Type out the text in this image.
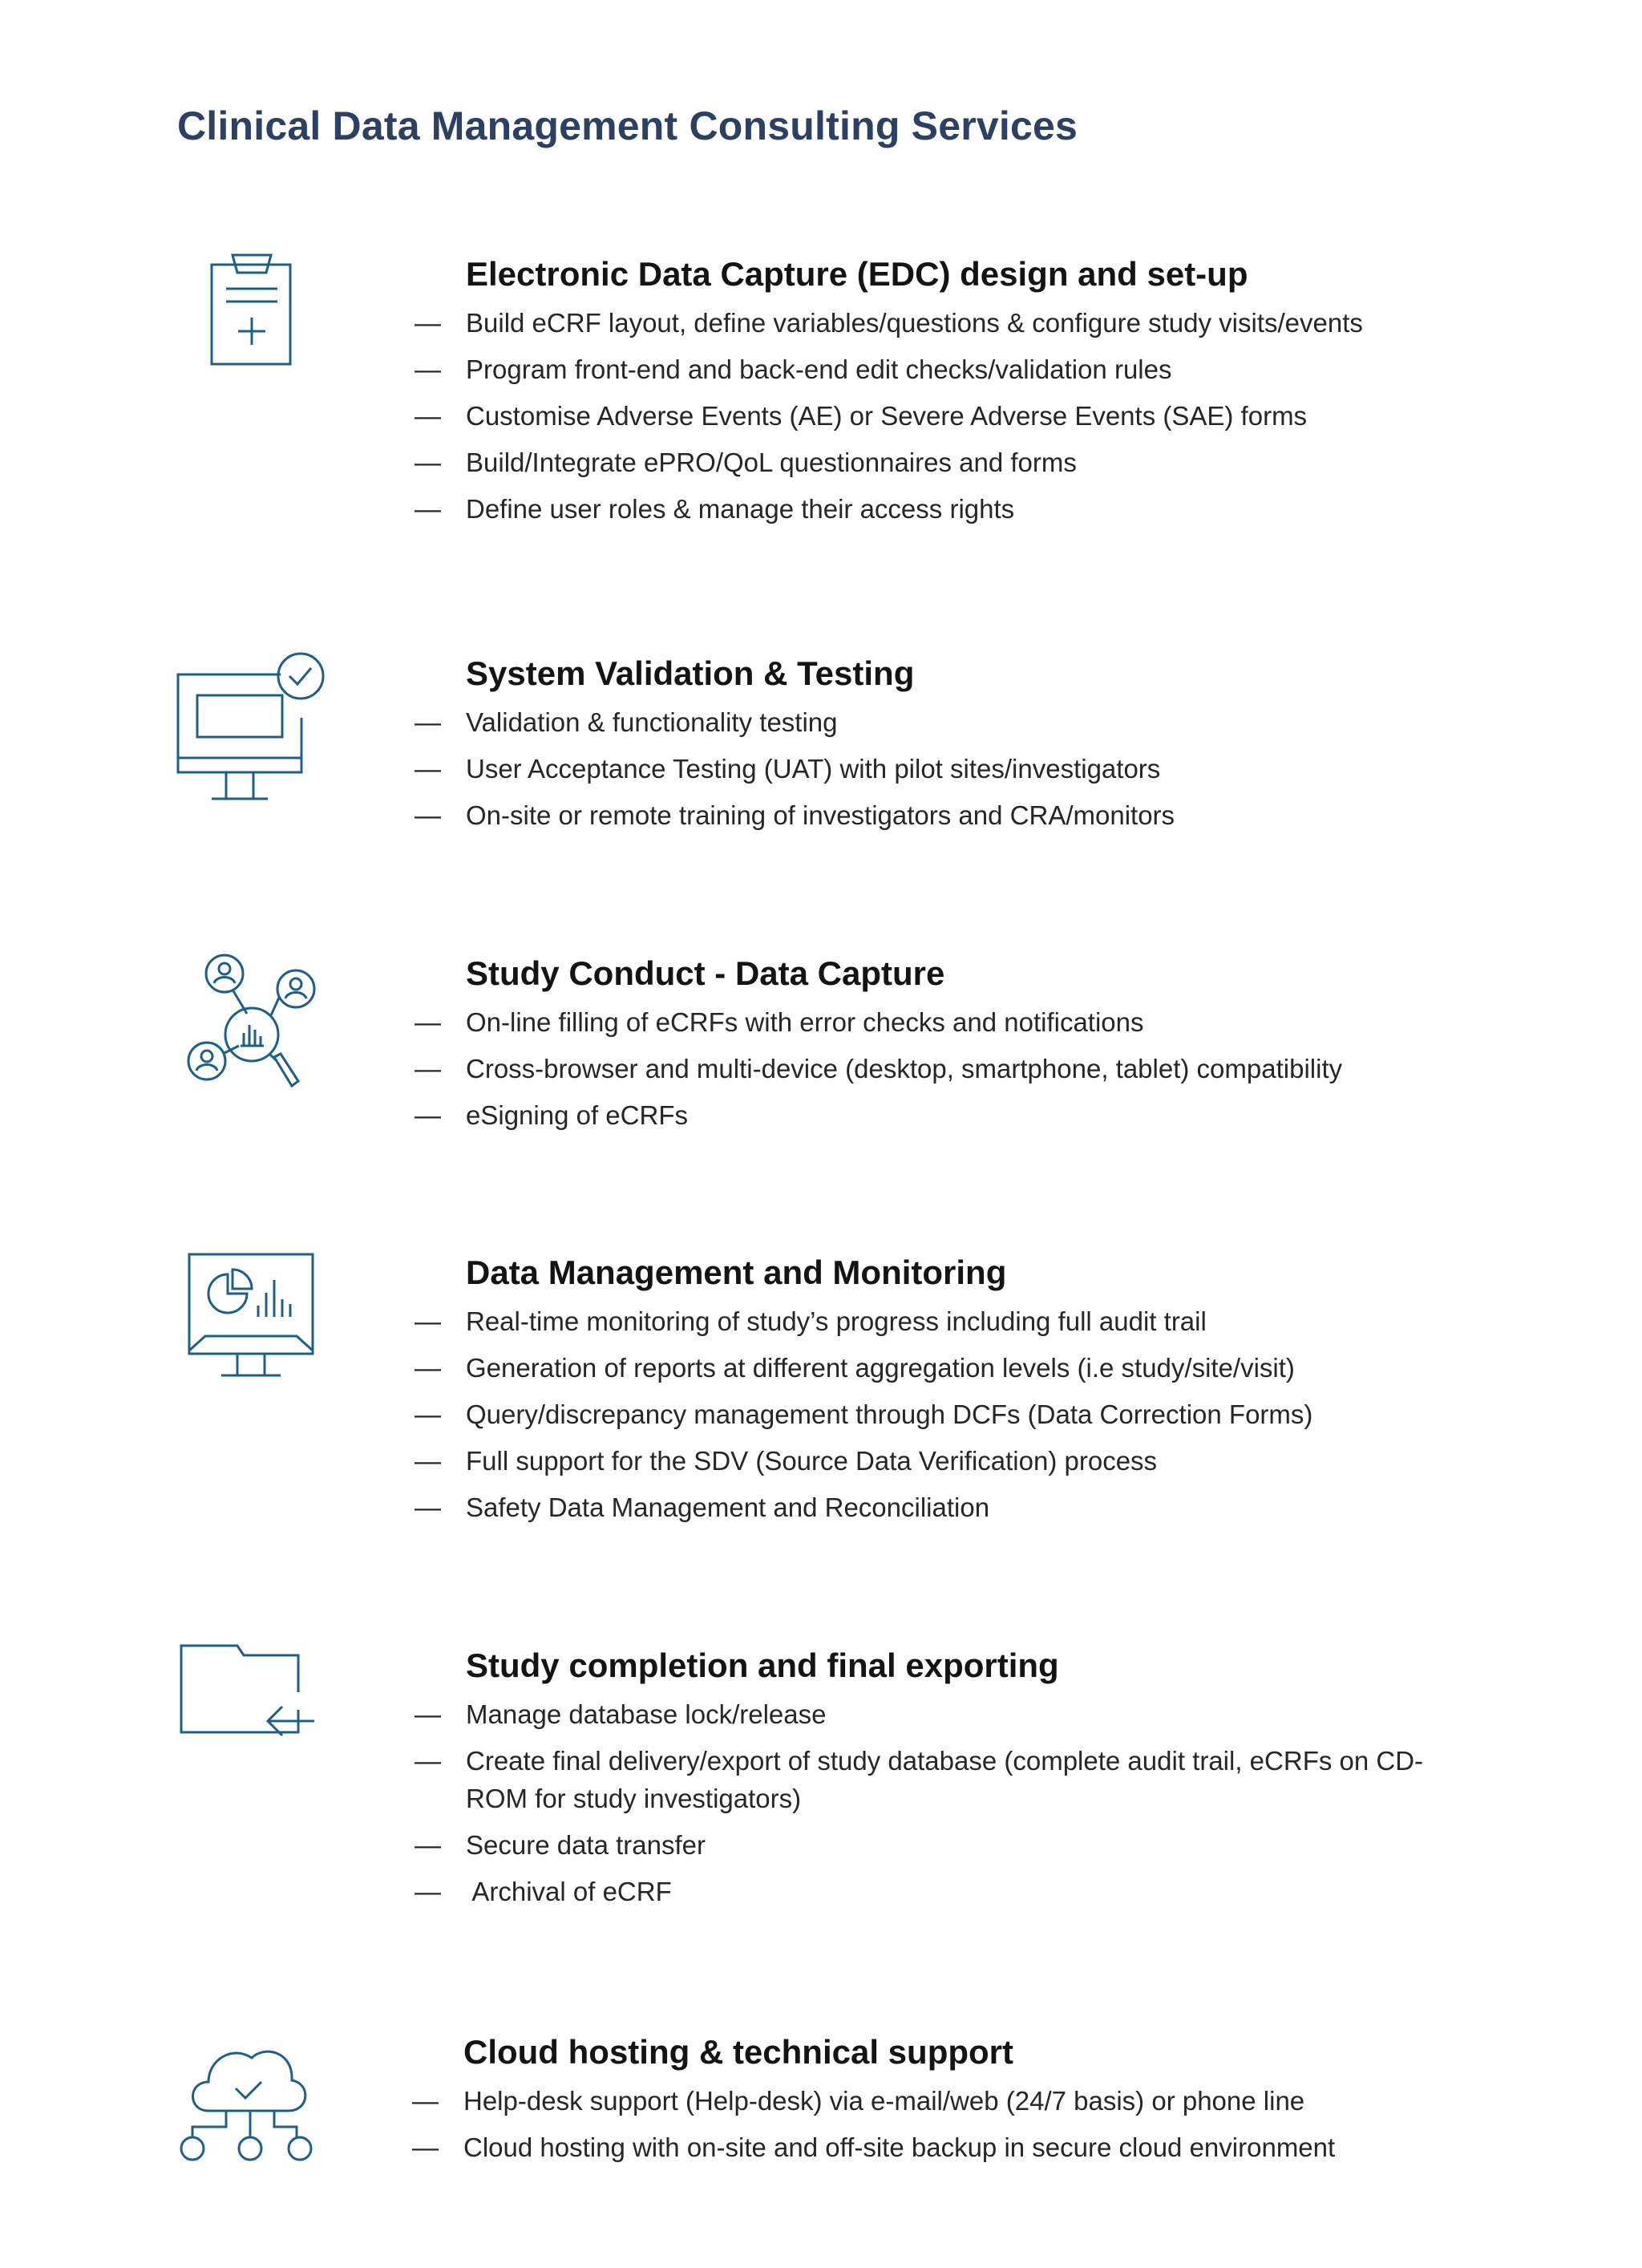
Clinical Data Management Consulting Services
Electronic Data Capture (EDC) design and set-up
— Build eCRF layout, define variables/questions & configure study visits/events
— Program front-end and back-end edit checks/validation rules
— Customise Adverse Events (AE) or Severe Adverse Events (SAE) forms
— Build/Integrate ePRO/QoL questionnaires and forms
— Define user roles & manage their access rights
System Validation & Testing
— Validation & functionality testing
— User Acceptance Testing (UAT) with pilot sites/investigators
— On-site or remote training of investigators and CRA/monitors
Study Conduct - Data Capture
— On-line filling of eCRFs with error checks and notifications
— Cross-browser and multi-device (desktop, smartphone, tablet) compatibility
— eSigning of eCRFs
Data Management and Monitoring
— Real-time monitoring of study’s progress including full audit trail
— Generation of reports at different aggregation levels (i.e study/site/visit)
— Query/discrepancy management through DCFs (Data Correction Forms)
— Full support for the SDV (Source Data Verification) process
— Safety Data Management and Reconciliation
Study completion and final exporting
— Manage database lock/release
— Create final delivery/export of study database (complete audit trail, eCRFs on CD-ROM for study investigators)
— Secure data transfer
— Archival of eCRF
Cloud hosting & technical support
— Help-desk support (Help-desk) via e-mail/web (24/7 basis) or phone line
— Cloud hosting with on-site and off-site backup in secure cloud environment
